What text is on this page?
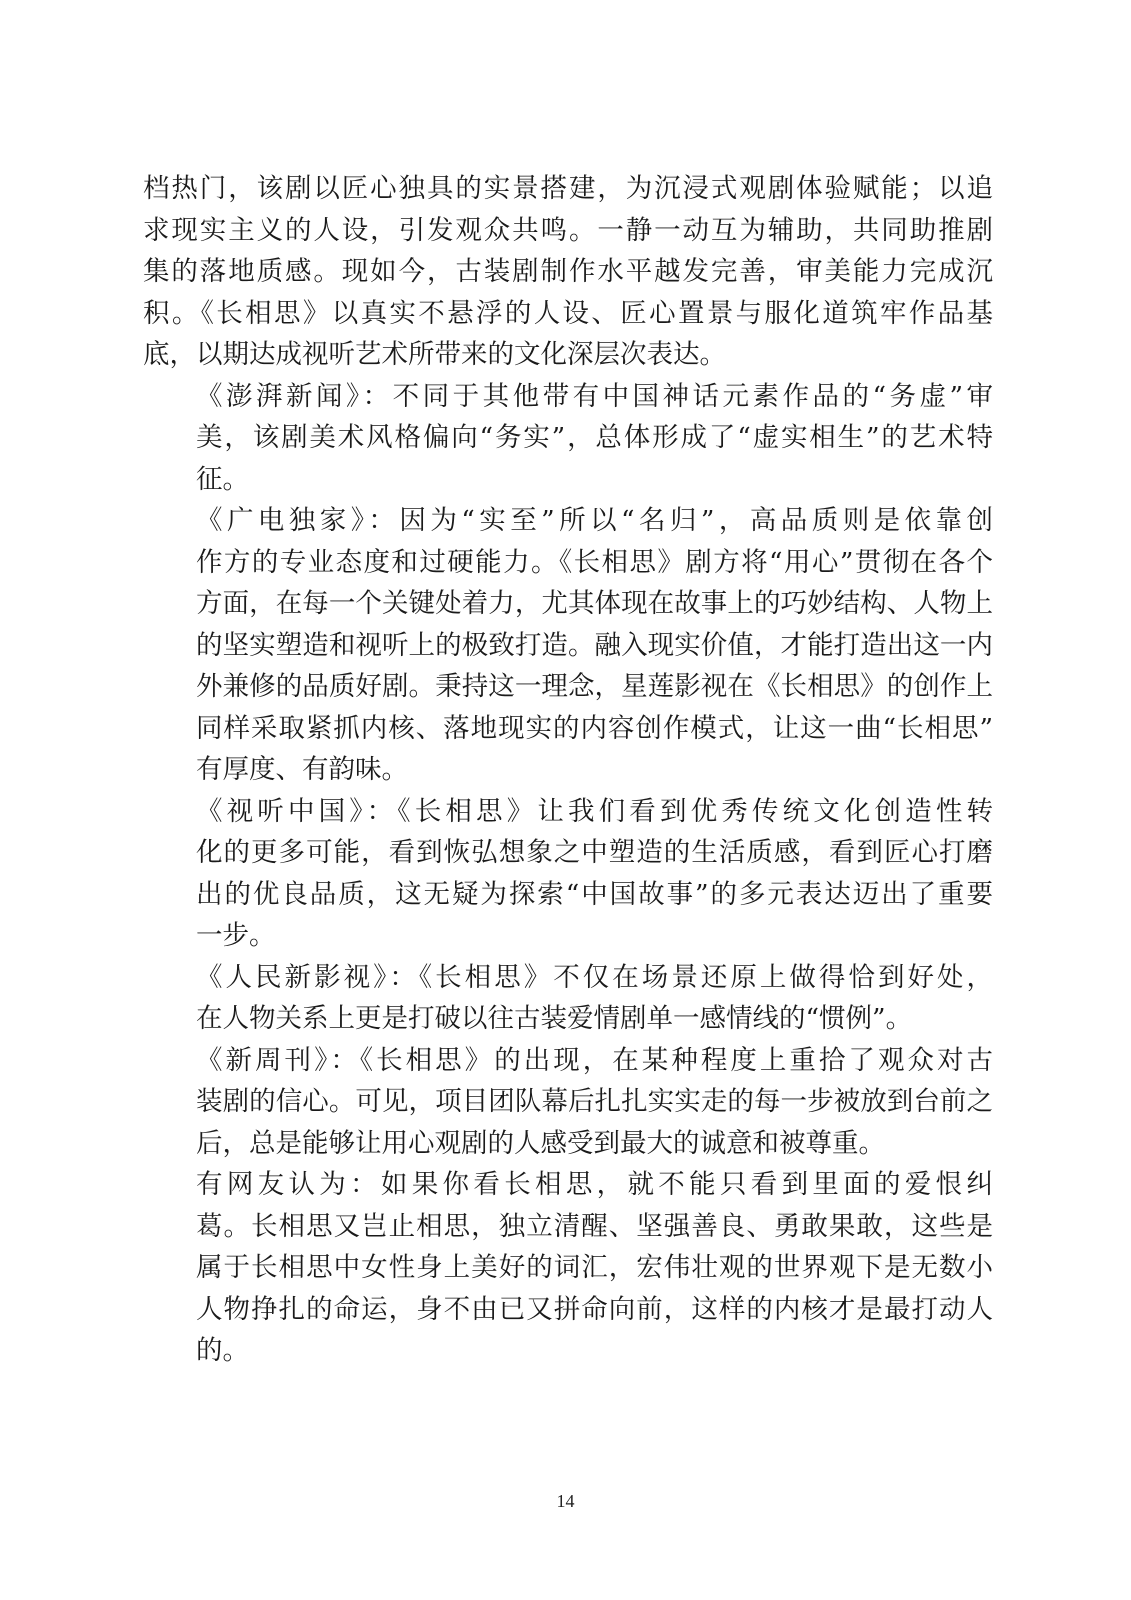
档热门，该剧以匠心独具的实景搭建，为沉浸式观剧体验赋能；以追
求现实主义的人设，引发观众共鸣。一静一动互为辅助，共同助推剧
集的落地质感。现如今，古装剧制作水平越发完善，审美能力完成沉
积。《长相思》以真实不悬浮的人设、匠心置景与服化道筑牢作品基
底，以期达成视听艺术所带来的文化深层次表达。

《澎湃新闻》：不同于其他带有中国神话元素作品的“务虚”审
美，该剧美术风格偏向“务实”，总体形成了“虚实相生”的艺术特
征。

《广电独家》：因为“实至”所以“名归”，高品质则是依靠创
作方的专业态度和过硬能力。《长相思》剧方将“用心”贯彻在各个
方面，在每一个关键处着力，尤其体现在故事上的巧妙结构、人物上
的坚实塑造和视听上的极致打造。融入现实价值，才能打造出这一内
外兼修的品质好剧。秉持这一理念，星莲影视在《长相思》的创作上
同样采取紧抓内核、落地现实的内容创作模式，让这一曲“长相思”
有厚度、有韵味。

《视听中国》：《长相思》让我们看到优秀传统文化创造性转
化的更多可能，看到恢弘想象之中塑造的生活质感，看到匠心打磨
出的优良品质，这无疑为探索“中国故事”的多元表达迈出了重要
一步。

《人民新影视》：《长相思》不仅在场景还原上做得恰到好处，
在人物关系上更是打破以往古装爱情剧单一感情线的“惯例”。

《新周刊》：《长相思》的出现，在某种程度上重拾了观众对古
装剧的信心。可见，项目团队幕后扎扎实实走的每一步被放到台前之
后，总是能够让用心观剧的人感受到最大的诚意和被尊重。

有网友认为：如果你看长相思，就不能只看到里面的爱恨纠
葛。长相思又岂止相思，独立清醒、坚强善良、勇敢果敢，这些是
属于长相思中女性身上美好的词汇，宏伟壮观的世界观下是无数小
人物挣扎的命运，身不由已又拼命向前，这样的内核才是最打动人
的。

14
